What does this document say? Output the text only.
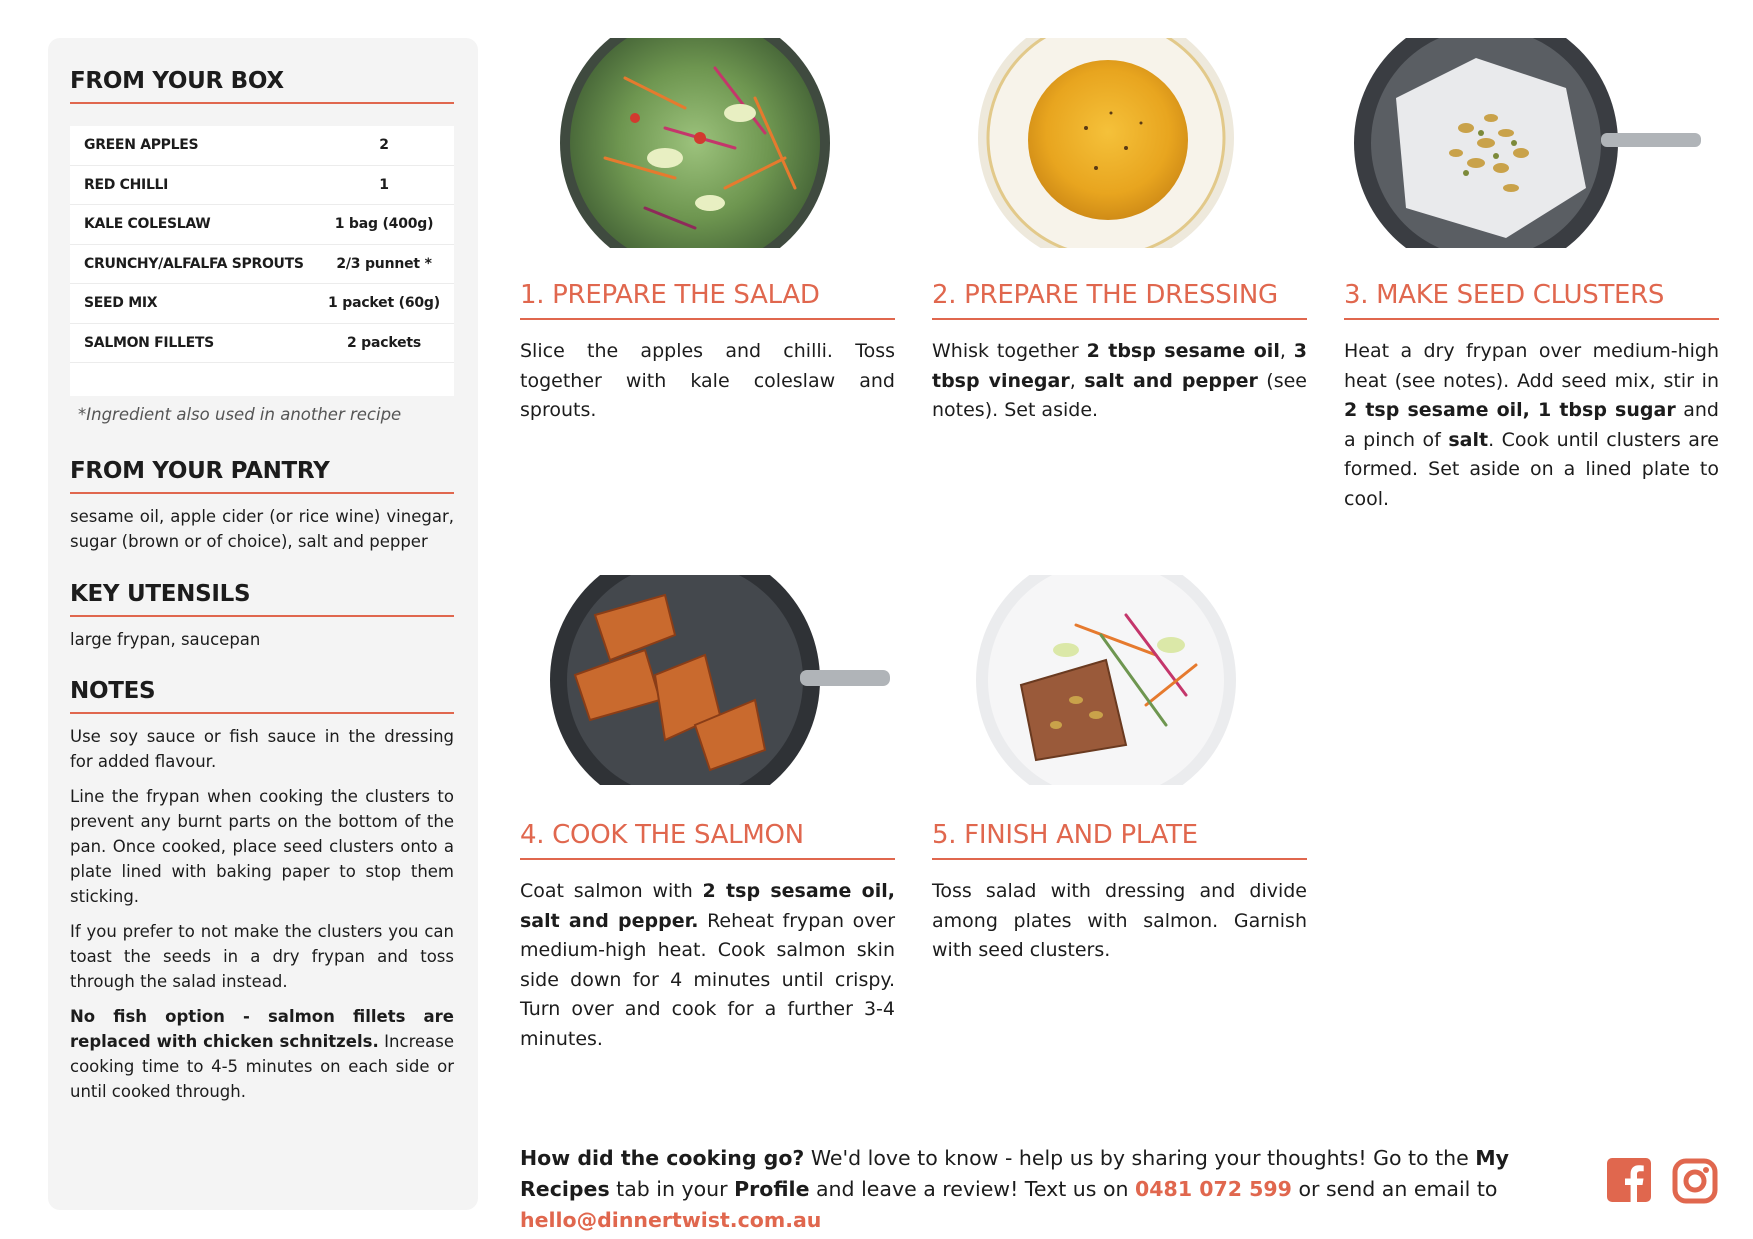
FROM YOUR BOX
GREEN APPLES	2
RED CHILLI	1
KALE COLESLAW	1 bag (400g)
CRUNCHY/ALFALFA SPROUTS	2/3 punnet *
SEED MIX	1 packet (60g)
SALMON FILLETS	2 packets
*Ingredient also used in another recipe
FROM YOUR PANTRY

sesame oil, apple cider (or rice wine) vinegar, sugar (brown or of choice), salt and pepper

KEY UTENSILS

large frypan, saucepan

NOTES

Use soy sauce or fish sauce in the dressing for added flavour.

Line the frypan when cooking the clusters to prevent any burnt parts on the bottom of the pan. Once cooked, place seed clusters onto a plate lined with baking paper to stop them sticking.

If you prefer to not make the clusters you can toast the seeds in a dry frypan and toss through the salad instead.

No fish option - salmon fillets are replaced with chicken schnitzels. Increase cooking time to 4-5 minutes on each side or until cooked through.

1. PREPARE THE SALAD

Slice the apples and chilli. Toss together with kale coleslaw and sprouts.

2. PREPARE THE DRESSING

Whisk together 2 tbsp sesame oil, 3 tbsp vinegar, salt and pepper (see notes). Set aside.

3. MAKE SEED CLUSTERS

Heat a dry frypan over medium-high heat (see notes). Add seed mix, stir in 2 tsp sesame oil, 1 tbsp sugar and a pinch of salt. Cook until clusters are formed. Set aside on a lined plate to cool.

4. COOK THE SALMON

Coat salmon with 2 tsp sesame oil, salt and pepper. Reheat frypan over medium-high heat. Cook salmon skin side down for 4 minutes until crispy. Turn over and cook for a further 3-4 minutes.

5. FINISH AND PLATE

Toss salad with dressing and divide among plates with salmon. Garnish with seed clusters.

How did the cooking go? We'd love to know - help us by sharing your thoughts! Go to the My Recipes tab in your Profile and leave a review! Text us on 0481 072 599 or send an email to hello@dinnertwist.com.au
